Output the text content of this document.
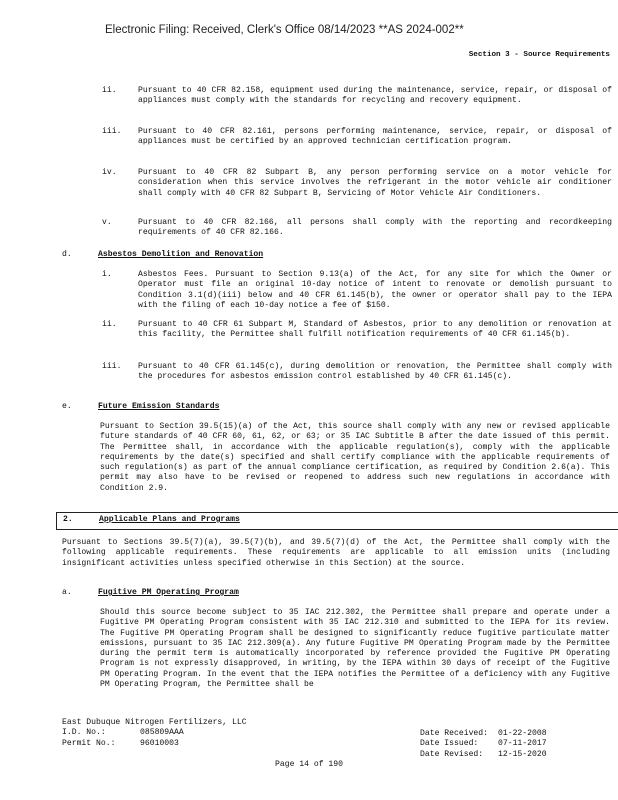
Electronic Filing: Received, Clerk's Office 08/14/2023 **AS 2024-002**
Section 3 - Source Requirements
ii.	Pursuant to 40 CFR 82.158, equipment used during the maintenance, service, repair, or disposal of appliances must comply with the standards for recycling and recovery equipment.
iii.	Pursuant to 40 CFR 82.161, persons performing maintenance, service, repair, or disposal of appliances must be certified by an approved technician certification program.
iv.	Pursuant to 40 CFR 82 Subpart B, any person performing service on a motor vehicle for consideration when this service involves the refrigerant in the motor vehicle air conditioner shall comply with 40 CFR 82 Subpart B, Servicing of Motor Vehicle Air Conditioners.
v.	Pursuant to 40 CFR 82.166, all persons shall comply with the reporting and recordkeeping requirements of 40 CFR 82.166.
d.	Asbestos Demolition and Renovation
i.	Asbestos Fees. Pursuant to Section 9.13(a) of the Act, for any site for which the Owner or Operator must file an original 10-day notice of intent to renovate or demolish pursuant to Condition 3.1(d)(iii) below and 40 CFR 61.145(b), the owner or operator shall pay to the IEPA with the filing of each 10-day notice a fee of $150.
ii.	Pursuant to 40 CFR 61 Subpart M, Standard of Asbestos, prior to any demolition or renovation at this facility, the Permittee shall fulfill notification requirements of 40 CFR 61.145(b).
iii.	Pursuant to 40 CFR 61.145(c), during demolition or renovation, the Permittee shall comply with the procedures for asbestos emission control established by 40 CFR 61.145(c).
e.	Future Emission Standards
Pursuant to Section 39.5(15)(a) of the Act, this source shall comply with any new or revised applicable future standards of 40 CFR 60, 61, 62, or 63; or 35 IAC Subtitle B after the date issued of this permit. The Permittee shall, in accordance with the applicable regulation(s), comply with the applicable requirements by the date(s) specified and shall certify compliance with the applicable requirements of such regulation(s) as part of the annual compliance certification, as required by Condition 2.6(a). This permit may also have to be revised or reopened to address such new regulations in accordance with Condition 2.9.
2.	Applicable Plans and Programs
Pursuant to Sections 39.5(7)(a), 39.5(7)(b), and 39.5(7)(d) of the Act, the Permittee shall comply with the following applicable requirements. These requirements are applicable to all emission units (including insignificant activities unless specified otherwise in this Section) at the source.
a.	Fugitive PM Operating Program
Should this source become subject to 35 IAC 212.302, the Permittee shall prepare and operate under a Fugitive PM Operating Program consistent with 35 IAC 212.310 and submitted to the IEPA for its review. The Fugitive PM Operating Program shall be designed to significantly reduce fugitive particulate matter emissions, pursuant to 35 IAC 212.309(a). Any future Fugitive PM Operating Program made by the Permittee during the permit term is automatically incorporated by reference provided the Fugitive PM Operating Program is not expressly disapproved, in writing, by the IEPA within 30 days of receipt of the Fugitive PM Operating Program. In the event that the IEPA notifies the Permittee of a deficiency with any Fugitive PM Operating Program, the Permittee shall be
East Dubuque Nitrogen Fertilizers, LLC
I.D. No.:	085809AAA
Permit No.:	96010003
Date Received: 01-22-2008
Date Issued: 07-11-2017
Date Revised: 12-15-2020
Page 14 of 190
